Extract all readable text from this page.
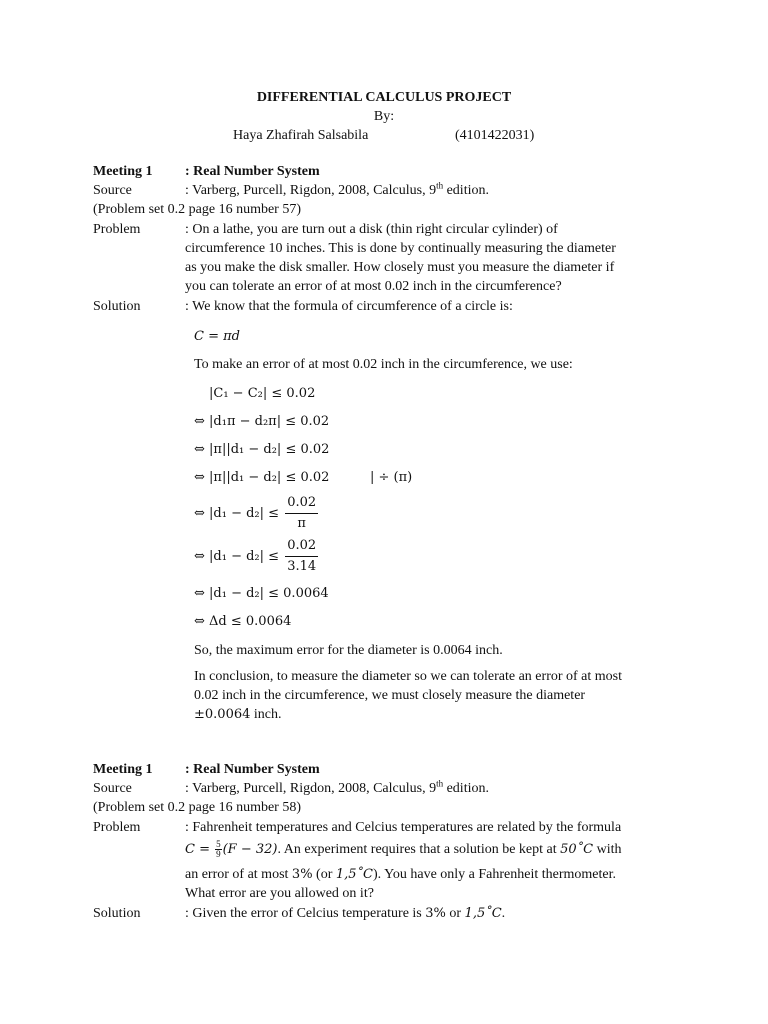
DIFFERENTIAL CALCULUS PROJECT
By:
Haya Zhafirah Salsabila	(4101422031)
Meeting 1 : Real Number System
Source	: Varberg, Purcell, Rigdon, 2008, Calculus, 9th edition.
(Problem set 0.2 page 16 number 57)
Problem	: On a lathe, you are turn out a disk (thin right circular cylinder) of
circumference 10 inches. This is done by continually measuring the diameter
as you make the disk smaller. How closely must you measure the diameter if
you can tolerate an error of at most 0.02 inch in the circumference?
Solution	: We know that the formula of circumference of a circle is:
C = πd
To make an error of at most 0.02 inch in the circumference, we use:
|C₁ − C₂| ≤ 0.02
⇔ |d₁π − d₂π| ≤ 0.02
⇔ |π||d₁ − d₂| ≤ 0.02
⇔ |π||d₁ − d₂| ≤ 0.02	| ÷ (π)
⇔ $|d_1 - d_2| \le \frac{0.02}{\pi}$
⇔ $|d_1 - d_2| \le \frac{0.02}{3.14}$
⇔ |d₁ − d₂| ≤ 0.0064
⇔ Δd ≤ 0.0064
So, the maximum error for the diameter is 0.0064 inch.
In conclusion, to measure the diameter so we can tolerate an error of at most
0.02 inch in the circumference, we must closely measure the diameter
±0.0064 inch.
Meeting 1 : Real Number System
Source	: Varberg, Purcell, Rigdon, 2008, Calculus, 9th edition.
(Problem set 0.2 page 16 number 58)
Problem	: Fahrenheit temperatures and Celcius temperatures are related by the formula
$C = \frac{5}{9} (F - 32)$. An experiment requires that a solution be kept at 50˚C with
an error of at most 3% (or 1,5˚C). You have only a Fahrenheit thermometer.
What error are you allowed on it?
Solution	: Given the error of Celcius temperature is 3% or 1,5˚C.
